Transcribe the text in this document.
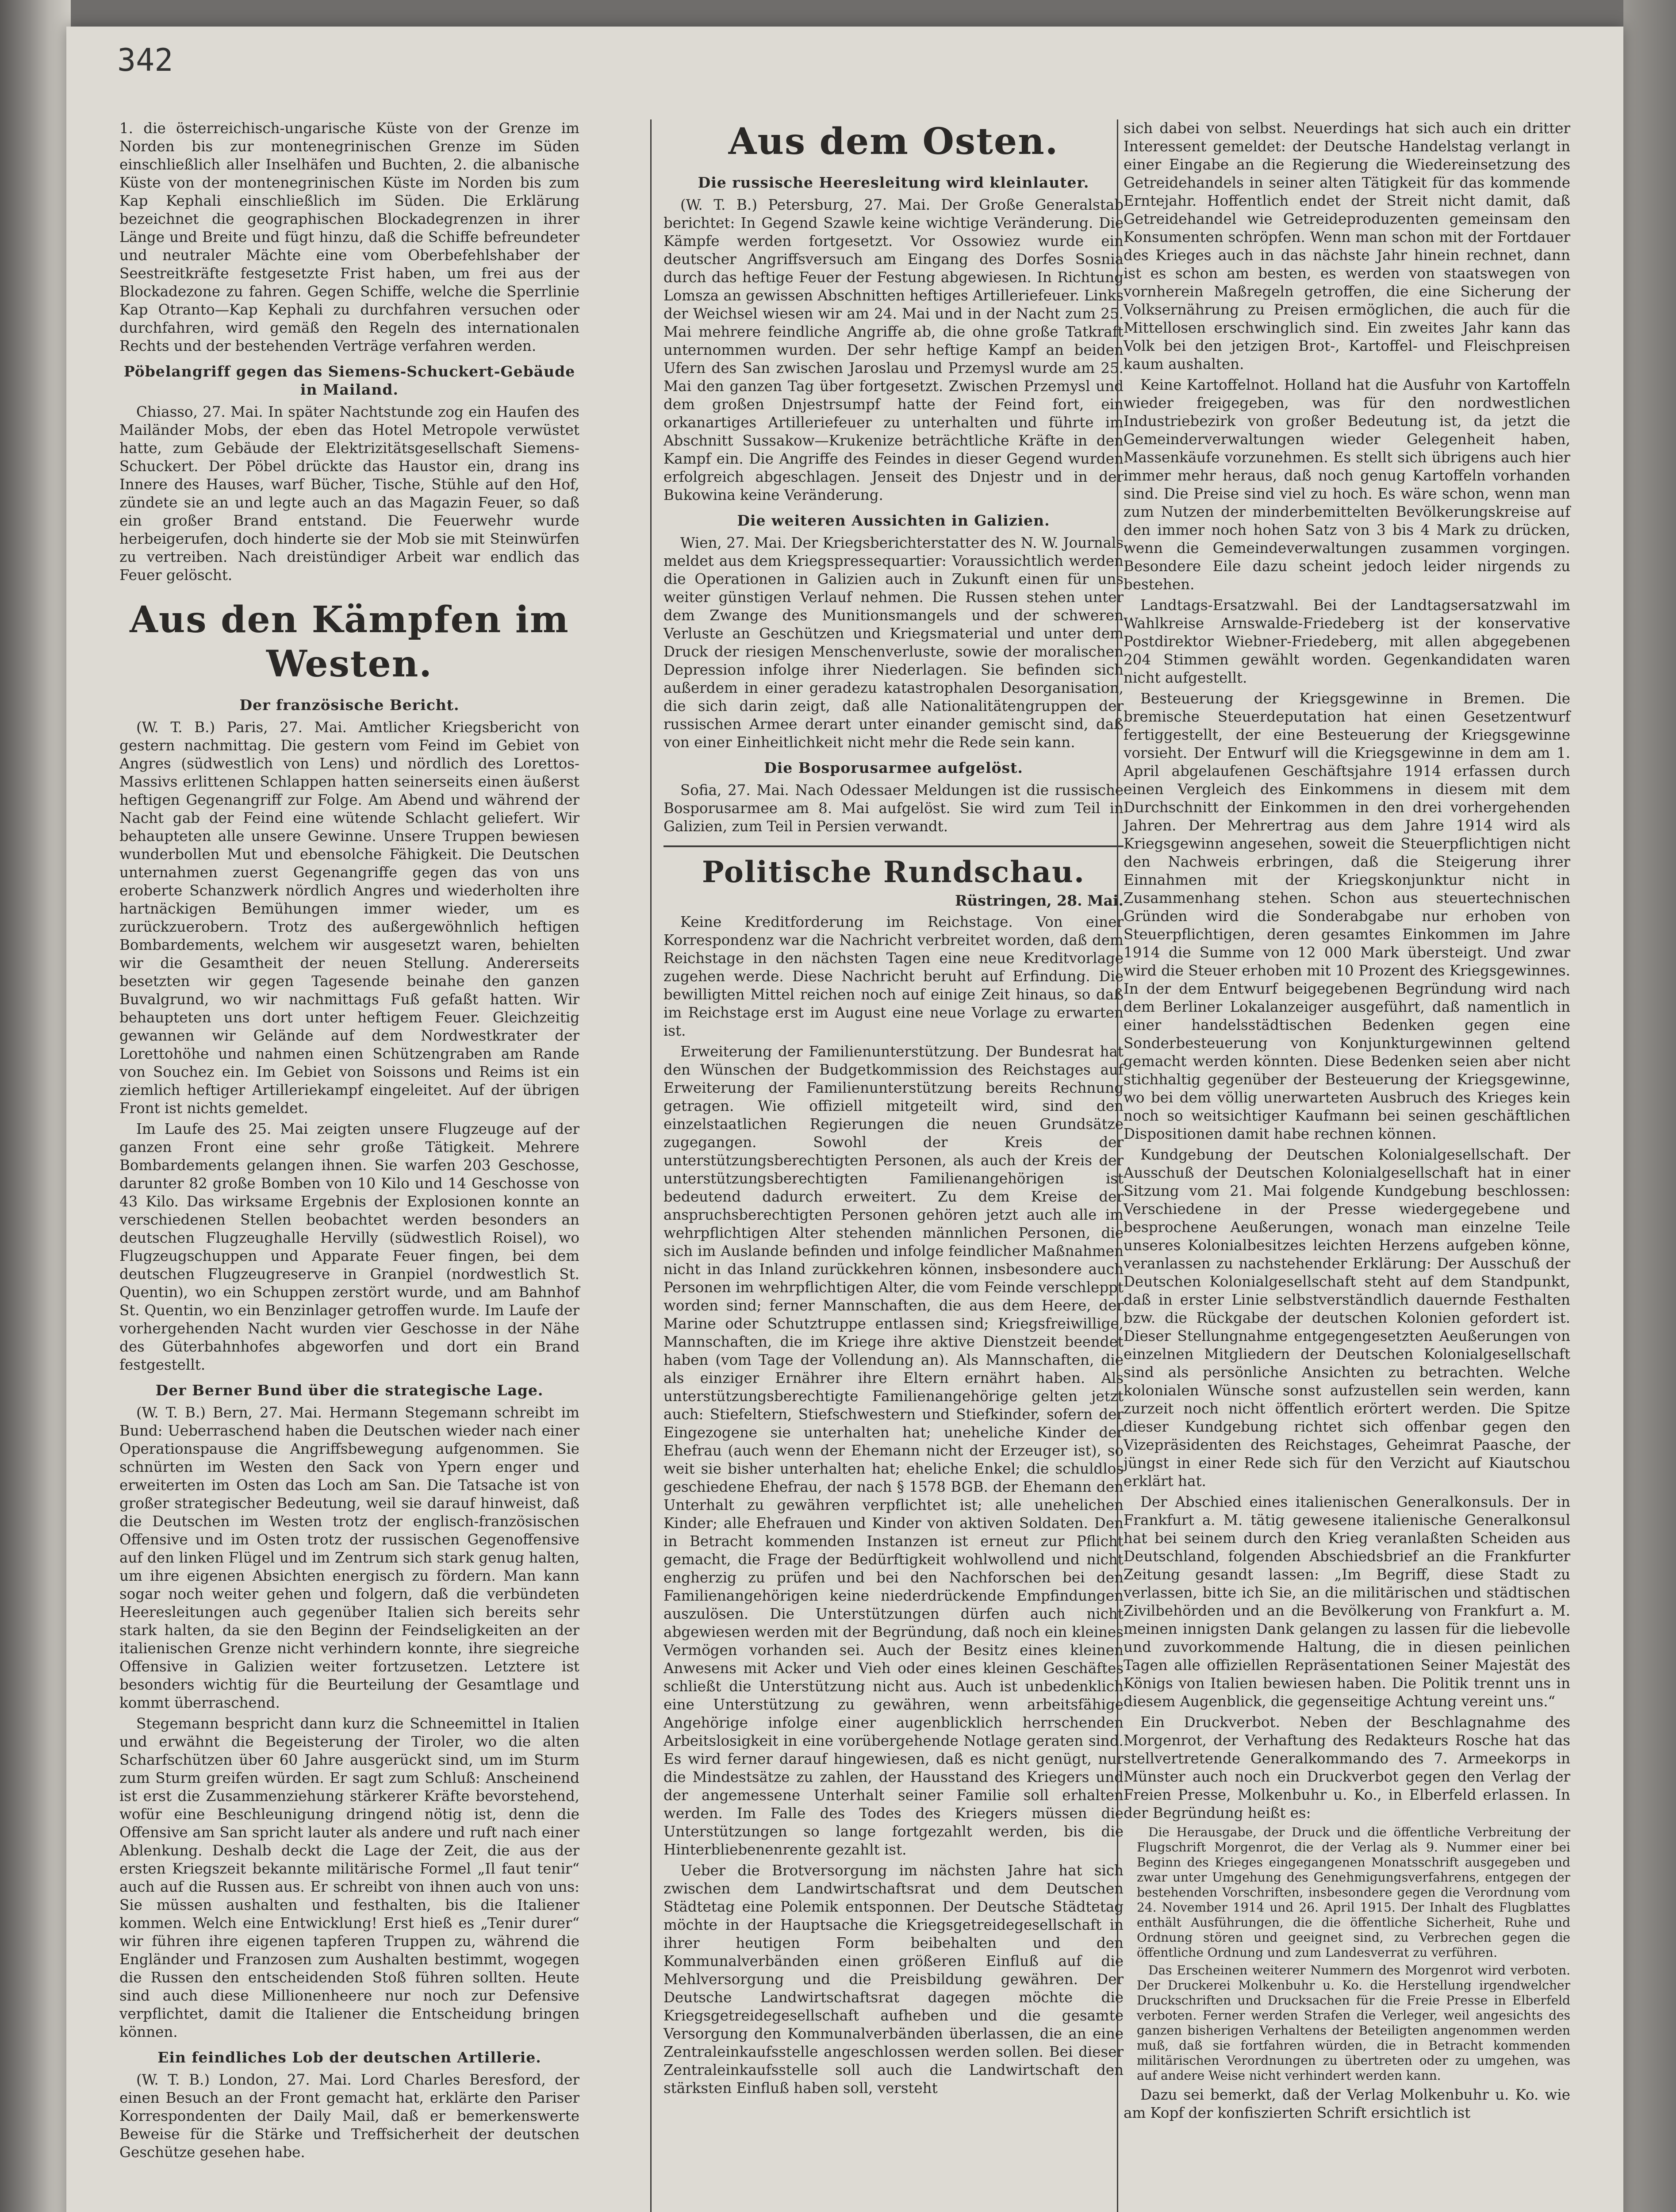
342

1. die österreichisch-ungarische Küste von der Grenze im Norden bis zur montenegrinischen Grenze im Süden einschließlich aller Inselhäfen und Buchten, 2. die albanische Küste von der montenegrinischen Küste im Norden bis zum Kap Kephali einschließlich im Süden. Die Erklärung bezeichnet die geographischen Blockadegrenzen in ihrer Länge und Breite und fügt hinzu, daß die Schiffe befreundeter und neutraler Mächte eine vom Oberbefehlshaber der Seestreitkräfte festgesetzte Frist haben, um frei aus der Blockadezone zu fahren. Gegen Schiffe, welche die Sperrlinie Kap Otranto—Kap Kephali zu durchfahren versuchen oder durchfahren, wird gemäß den Regeln des internationalen Rechts und der bestehenden Verträge verfahren werden.

Pöbelangriff gegen das Siemens-Schuckert-Gebäude in Mailand.

Chiasso, 27. Mai. In später Nachtstunde zog ein Haufen des Mailänder Mobs, der eben das Hotel Metropole verwüstet hatte, zum Gebäude der Elektrizitätsgesellschaft Siemens-Schuckert. Der Pöbel drückte das Haustor ein, drang ins Innere des Hauses, warf Bücher, Tische, Stühle auf den Hof, zündete sie an und legte auch an das Magazin Feuer, so daß ein großer Brand entstand. Die Feuerwehr wurde herbeigerufen, doch hinderte sie der Mob sie mit Steinwürfen zu vertreiben. Nach dreistündiger Arbeit war endlich das Feuer gelöscht.

Aus den Kämpfen im Westen.
Der französische Bericht.

(W. T. B.) Paris, 27. Mai. Amtlicher Kriegsbericht von gestern nachmittag. Die gestern vom Feind im Gebiet von Angres (südwestlich von Lens) und nördlich des Lorettos-Massivs erlittenen Schlappen hatten seinerseits einen äußerst heftigen Gegenangriff zur Folge. Am Abend und während der Nacht gab der Feind eine wütende Schlacht geliefert. Wir behaupteten alle unsere Gewinne. Unsere Truppen bewiesen wunderbollen Mut und ebensolche Fähigkeit. Die Deutschen unternahmen zuerst Gegenangriffe gegen das von uns eroberte Schanzwerk nördlich Angres und wiederholten ihre hartnäckigen Bemühungen immer wieder, um es zurückzuerobern. Trotz des außergewöhnlich heftigen Bombardements, welchem wir ausgesetzt waren, behielten wir die Gesamtheit der neuen Stellung. Andererseits besetzten wir gegen Tagesende beinahe den ganzen Buvalgrund, wo wir nachmittags Fuß gefaßt hatten. Wir behaupteten uns dort unter heftigem Feuer. Gleichzeitig gewannen wir Gelände auf dem Nordwestkrater der Lorettohöhe und nahmen einen Schützengraben am Rande von Souchez ein. Im Gebiet von Soissons und Reims ist ein ziemlich heftiger Artilleriekampf eingeleitet. Auf der übrigen Front ist nichts gemeldet.

Im Laufe des 25. Mai zeigten unsere Flugzeuge auf der ganzen Front eine sehr große Tätigkeit. Mehrere Bombardements gelangen ihnen. Sie warfen 203 Geschosse, darunter 82 große Bomben von 10 Kilo und 14 Geschosse von 43 Kilo. Das wirksame Ergebnis der Explosionen konnte an verschiedenen Stellen beobachtet werden besonders an deutschen Flugzeughalle Hervilly (südwestlich Roisel), wo Flugzeugschuppen und Apparate Feuer fingen, bei dem deutschen Flugzeugreserve in Granpiel (nordwestlich St. Quentin), wo ein Schuppen zerstört wurde, und am Bahnhof St. Quentin, wo ein Benzinlager getroffen wurde. Im Laufe der vorhergehenden Nacht wurden vier Geschosse in der Nähe des Güterbahnhofes abgeworfen und dort ein Brand festgestellt.

Der Berner Bund über die strategische Lage.

(W. T. B.) Bern, 27. Mai. Hermann Stegemann schreibt im Bund: Ueberraschend haben die Deutschen wieder nach einer Operationspause die Angriffsbewegung aufgenommen. Sie schnürten im Westen den Sack von Ypern enger und erweiterten im Osten das Loch am San. Die Tatsache ist von großer strategischer Bedeutung, weil sie darauf hinweist, daß die Deutschen im Westen trotz der englisch-französischen Offensive und im Osten trotz der russischen Gegenoffensive auf den linken Flügel und im Zentrum sich stark genug halten, um ihre eigenen Absichten energisch zu fördern. Man kann sogar noch weiter gehen und folgern, daß die verbündeten Heeresleitungen auch gegenüber Italien sich bereits sehr stark halten, da sie den Beginn der Feindseligkeiten an der italienischen Grenze nicht verhindern konnte, ihre siegreiche Offensive in Galizien weiter fortzusetzen. Letztere ist besonders wichtig für die Beurteilung der Gesamtlage und kommt überraschend.

Stegemann bespricht dann kurz die Schneemittel in Italien und erwähnt die Begeisterung der Tiroler, wo die alten Scharfschützen über 60 Jahre ausgerückt sind, um im Sturm zum Sturm greifen würden. Er sagt zum Schluß: Anscheinend ist erst die Zusammenziehung stärkerer Kräfte bevorstehend, wofür eine Beschleunigung dringend nötig ist, denn die Offensive am San spricht lauter als andere und ruft nach einer Ablenkung. Deshalb deckt die Lage der Zeit, die aus der ersten Kriegszeit bekannte militärische Formel „Il faut tenir“ auch auf die Russen aus. Er schreibt von ihnen auch von uns: Sie müssen aushalten und festhalten, bis die Italiener kommen. Welch eine Entwicklung! Erst hieß es „Tenir durer“ wir führen ihre eigenen tapferen Truppen zu, während die Engländer und Franzosen zum Aushalten bestimmt, wogegen die Russen den entscheidenden Stoß führen sollten. Heute sind auch diese Millionenheere nur noch zur Defensive verpflichtet, damit die Italiener die Entscheidung bringen können.

Ein feindliches Lob der deutschen Artillerie.

(W. T. B.) London, 27. Mai. Lord Charles Beresford, der einen Besuch an der Front gemacht hat, erklärte den Pariser Korrespondenten der Daily Mail, daß er bemerkenswerte Beweise für die Stärke und Treffsicherheit der deutschen Geschütze gesehen habe.

Aus dem Osten.
Die russische Heeresleitung wird kleinlauter.

(W. T. B.) Petersburg, 27. Mai. Der Große Generalstab berichtet: In Gegend Szawle keine wichtige Veränderung. Die Kämpfe werden fortgesetzt. Vor Ossowiez wurde ein deutscher Angriffsversuch am Eingang des Dorfes Sosnia durch das heftige Feuer der Festung abgewiesen. In Richtung Lomsza an gewissen Abschnitten heftiges Artilleriefeuer. Links der Weichsel wiesen wir am 24. Mai und in der Nacht zum 25. Mai mehrere feindliche Angriffe ab, die ohne große Tatkraft unternommen wurden. Der sehr heftige Kampf an beiden Ufern des San zwischen Jaroslau und Przemysl wurde am 25. Mai den ganzen Tag über fortgesetzt. Zwischen Przemysl und dem großen Dnjestrsumpf hatte der Feind fort, ein orkanartiges Artilleriefeuer zu unterhalten und führte im Abschnitt Sussakow—Krukenize beträchtliche Kräfte in den Kampf ein. Die Angriffe des Feindes in dieser Gegend wurden erfolgreich abgeschlagen. Jenseit des Dnjestr und in der Bukowina keine Veränderung.

Die weiteren Aussichten in Galizien.

Wien, 27. Mai. Der Kriegsberichterstatter des N. W. Journals meldet aus dem Kriegspressequartier: Voraussichtlich werden die Operationen in Galizien auch in Zukunft einen für uns weiter günstigen Verlauf nehmen. Die Russen stehen unter dem Zwange des Munitionsmangels und der schweren Verluste an Geschützen und Kriegsmaterial und unter dem Druck der riesigen Menschenverluste, sowie der moralischen Depression infolge ihrer Niederlagen. Sie befinden sich außerdem in einer geradezu katastrophalen Desorganisation, die sich darin zeigt, daß alle Nationalitätengruppen der russischen Armee derart unter einander gemischt sind, daß von einer Einheitlichkeit nicht mehr die Rede sein kann.

Die Bosporusarmee aufgelöst.

Sofia, 27. Mai. Nach Odessaer Meldungen ist die russische Bosporusarmee am 8. Mai aufgelöst. Sie wird zum Teil in Galizien, zum Teil in Persien verwandt.

Politische Rundschau.
Rüstringen, 28. Mai.

Keine Kreditforderung im Reichstage. Von einer Korrespondenz war die Nachricht verbreitet worden, daß dem Reichstage in den nächsten Tagen eine neue Kreditvorlage zugehen werde. Diese Nachricht beruht auf Erfindung. Die bewilligten Mittel reichen noch auf einige Zeit hinaus, so daß im Reichstage erst im August eine neue Vorlage zu erwarten ist.

Erweiterung der Familienunterstützung. Der Bundesrat hat den Wünschen der Budgetkommission des Reichstages auf Erweiterung der Familienunterstützung bereits Rechnung getragen. Wie offiziell mitgeteilt wird, sind den einzelstaatlichen Regierungen die neuen Grundsätze zugegangen. Sowohl der Kreis der unterstützungsberechtigten Personen, als auch der Kreis der unterstützungsberechtigten Familienangehörigen ist bedeutend dadurch erweitert. Zu dem Kreise der anspruchsberechtigten Personen gehören jetzt auch alle im wehrpflichtigen Alter stehenden männlichen Personen, die sich im Auslande befinden und infolge feindlicher Maßnahmen nicht in das Inland zurückkehren können, insbesondere auch Personen im wehrpflichtigen Alter, die vom Feinde verschleppt worden sind; ferner Mannschaften, die aus dem Heere, der Marine oder Schutztruppe entlassen sind; Kriegsfreiwillige, Mannschaften, die im Kriege ihre aktive Dienstzeit beendet haben (vom Tage der Vollendung an). Als Mannschaften, die als einziger Ernährer ihre Eltern ernährt haben. Als unterstützungsberechtigte Familienangehörige gelten jetzt auch: Stiefeltern, Stiefschwestern und Stiefkinder, sofern der Eingezogene sie unterhalten hat; uneheliche Kinder der Ehefrau (auch wenn der Ehemann nicht der Erzeuger ist), so weit sie bisher unterhalten hat; eheliche Enkel; die schuldlos geschiedene Ehefrau, der nach § 1578 BGB. der Ehemann den Unterhalt zu gewähren verpflichtet ist; alle unehelichen Kinder; alle Ehefrauen und Kinder von aktiven Soldaten. Den in Betracht kommenden Instanzen ist erneut zur Pflicht gemacht, die Frage der Bedürftigkeit wohlwollend und nicht engherzig zu prüfen und bei den Nachforschen bei den Familienangehörigen keine niederdrückende Empfindungen auszulösen. Die Unterstützungen dürfen auch nicht abgewiesen werden mit der Begründung, daß noch ein kleines Vermögen vorhanden sei. Auch der Besitz eines kleinen Anwesens mit Acker und Vieh oder eines kleinen Geschäftes schließt die Unterstützung nicht aus. Auch ist unbedenklich eine Unterstützung zu gewähren, wenn arbeitsfähige Angehörige infolge einer augenblicklich herrschenden Arbeitslosigkeit in eine vorübergehende Notlage geraten sind. Es wird ferner darauf hingewiesen, daß es nicht genügt, nur die Mindestsätze zu zahlen, der Hausstand des Kriegers und der angemessene Unterhalt seiner Familie soll erhalten werden. Im Falle des Todes des Kriegers müssen die Unterstützungen so lange fortgezahlt werden, bis die Hinterbliebenenrente gezahlt ist.

Ueber die Brotversorgung im nächsten Jahre hat sich zwischen dem Landwirtschaftsrat und dem Deutschen Städtetag eine Polemik entsponnen. Der Deutsche Städtetag möchte in der Hauptsache die Kriegsgetreidegesellschaft in ihrer heutigen Form beibehalten und den Kommunalverbänden einen größeren Einfluß auf die Mehlversorgung und die Preisbildung gewähren. Der Deutsche Landwirtschaftsrat dagegen möchte die Kriegsgetreidegesellschaft aufheben und die gesamte Versorgung den Kommunalverbänden überlassen, die an eine Zentraleinkaufsstelle angeschlossen werden sollen. Bei dieser Zentraleinkaufsstelle soll auch die Landwirtschaft den stärksten Einfluß haben soll, versteht

sich dabei von selbst. Neuerdings hat sich auch ein dritter Interessent gemeldet: der Deutsche Handelstag verlangt in einer Eingabe an die Regierung die Wiedereinsetzung des Getreidehandels in seiner alten Tätigkeit für das kommende Erntejahr. Hoffentlich endet der Streit nicht damit, daß Getreidehandel wie Getreideproduzenten gemeinsam den Konsumenten schröpfen. Wenn man schon mit der Fortdauer des Krieges auch in das nächste Jahr hinein rechnet, dann ist es schon am besten, es werden von staatswegen von vornherein Maßregeln getroffen, die eine Sicherung der Volksernährung zu Preisen ermöglichen, die auch für die Mittellosen erschwinglich sind. Ein zweites Jahr kann das Volk bei den jetzigen Brot-, Kartoffel- und Fleischpreisen kaum aushalten.

Keine Kartoffelnot. Holland hat die Ausfuhr von Kartoffeln wieder freigegeben, was für den nordwestlichen Industriebezirk von großer Bedeutung ist, da jetzt die Gemeinderverwaltungen wieder Gelegenheit haben, Massenkäufe vorzunehmen. Es stellt sich übrigens auch hier immer mehr heraus, daß noch genug Kartoffeln vorhanden sind. Die Preise sind viel zu hoch. Es wäre schon, wenn man zum Nutzen der minderbemittelten Bevölkerungskreise auf den immer noch hohen Satz von 3 bis 4 Mark zu drücken, wenn die Gemeindeverwaltungen zusammen vorgingen. Besondere Eile dazu scheint jedoch leider nirgends zu bestehen.

Landtags-Ersatzwahl. Bei der Landtagsersatzwahl im Wahlkreise Arnswalde-Friedeberg ist der konservative Postdirektor Wiebner-Friedeberg, mit allen abgegebenen 204 Stimmen gewählt worden. Gegenkandidaten waren nicht aufgestellt.

Besteuerung der Kriegsgewinne in Bremen. Die bremische Steuerdeputation hat einen Gesetzentwurf fertiggestellt, der eine Besteuerung der Kriegsgewinne vorsieht. Der Entwurf will die Kriegsgewinne in dem am 1. April abgelaufenen Geschäftsjahre 1914 erfassen durch einen Vergleich des Einkommens in diesem mit dem Durchschnitt der Einkommen in den drei vorhergehenden Jahren. Der Mehrertrag aus dem Jahre 1914 wird als Kriegsgewinn angesehen, soweit die Steuerpflichtigen nicht den Nachweis erbringen, daß die Steigerung ihrer Einnahmen mit der Kriegskonjunktur nicht in Zusammenhang stehen. Schon aus steuertechnischen Gründen wird die Sonderabgabe nur erhoben von Steuerpflichtigen, deren gesamtes Einkommen im Jahre 1914 die Summe von 12 000 Mark übersteigt. Und zwar wird die Steuer erhoben mit 10 Prozent des Kriegsgewinnes. In der dem Entwurf beigegebenen Begründung wird nach dem Berliner Lokalanzeiger ausgeführt, daß namentlich in einer handelsstädtischen Bedenken gegen eine Sonderbesteuerung von Konjunkturgewinnen geltend gemacht werden könnten. Diese Bedenken seien aber nicht stichhaltig gegenüber der Besteuerung der Kriegsgewinne, wo bei dem völlig unerwarteten Ausbruch des Krieges kein noch so weitsichtiger Kaufmann bei seinen geschäftlichen Dispositionen damit habe rechnen können.

Kundgebung der Deutschen Kolonialgesellschaft. Der Ausschuß der Deutschen Kolonialgesellschaft hat in einer Sitzung vom 21. Mai folgende Kundgebung beschlossen: Verschiedene in der Presse wiedergegebene und besprochene Aeußerungen, wonach man einzelne Teile unseres Kolonialbesitzes leichten Herzens aufgeben könne, veranlassen zu nachstehender Erklärung: Der Ausschuß der Deutschen Kolonialgesellschaft steht auf dem Standpunkt, daß in erster Linie selbstverständlich dauernde Festhalten bzw. die Rückgabe der deutschen Kolonien gefordert ist. Dieser Stellungnahme entgegengesetzten Aeußerungen von einzelnen Mitgliedern der Deutschen Kolonialgesellschaft sind als persönliche Ansichten zu betrachten. Welche kolonialen Wünsche sonst aufzustellen sein werden, kann zurzeit noch nicht öffentlich erörtert werden. Die Spitze dieser Kundgebung richtet sich offenbar gegen den Vizepräsidenten des Reichstages, Geheimrat Paasche, der jüngst in einer Rede sich für den Verzicht auf Kiautschou erklärt hat.

Der Abschied eines italienischen Generalkonsuls. Der in Frankfurt a. M. tätig gewesene italienische Generalkonsul hat bei seinem durch den Krieg veranlaßten Scheiden aus Deutschland, folgenden Abschiedsbrief an die Frankfurter Zeitung gesandt lassen: „Im Begriff, diese Stadt zu verlassen, bitte ich Sie, an die militärischen und städtischen Zivilbehörden und an die Bevölkerung von Frankfurt a. M. meinen innigsten Dank gelangen zu lassen für die liebevolle und zuvorkommende Haltung, die in diesen peinlichen Tagen alle offiziellen Repräsentationen Seiner Majestät des Königs von Italien bewiesen haben. Die Politik trennt uns in diesem Augenblick, die gegenseitige Achtung vereint uns.“

Ein Druckverbot. Neben der Beschlagnahme des Morgenrot, der Verhaftung des Redakteurs Rosche hat das stellvertretende Generalkommando des 7. Armeekorps in Münster auch noch ein Druckverbot gegen den Verlag der Freien Presse, Molkenbuhr u. Ko., in Elberfeld erlassen. In der Begründung heißt es:

Die Herausgabe, der Druck und die öffentliche Verbreitung der Flugschrift Morgenrot, die der Verlag als 9. Nummer einer bei Beginn des Krieges eingegangenen Monatsschrift ausgegeben und zwar unter Umgehung des Genehmigungsverfahrens, entgegen der bestehenden Vorschriften, insbesondere gegen die Verordnung vom 24. November 1914 und 26. April 1915. Der Inhalt des Flugblattes enthält Ausführungen, die die öffentliche Sicherheit, Ruhe und Ordnung stören und geeignet sind, zu Verbrechen gegen die öffentliche Ordnung und zum Landesverrat zu verführen.

Das Erscheinen weiterer Nummern des Morgenrot wird verboten. Der Druckerei Molkenbuhr u. Ko. die Herstellung irgendwelcher Druckschriften und Drucksachen für die Freie Presse in Elberfeld verboten. Ferner werden Strafen die Verleger, weil angesichts des ganzen bisherigen Verhaltens der Beteiligten angenommen werden muß, daß sie fortfahren würden, die in Betracht kommenden militärischen Verordnungen zu übertreten oder zu umgehen, was auf andere Weise nicht verhindert werden kann.

Dazu sei bemerkt, daß der Verlag Molkenbuhr u. Ko. wie am Kopf der konfiszierten Schrift ersichtlich ist
